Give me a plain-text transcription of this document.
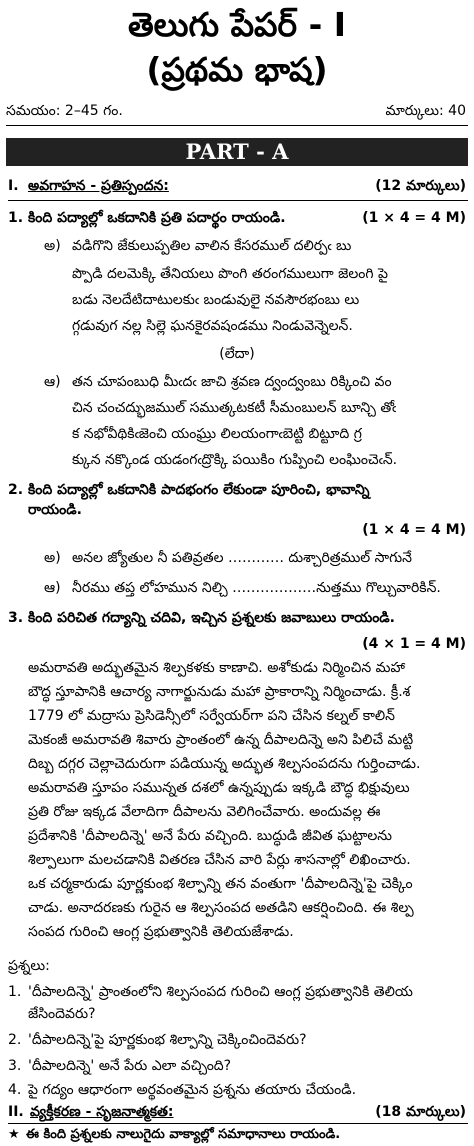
తెలుగు పేపర్ - I
(ప్రథమ భాష)
సమయం: 2–45 గం.	మార్కులు: 40
PART - A
I. అవగాహన - ప్రతిస్పందన:	(12 మార్కులు)
1. కింది పద్యాల్లో ఒకదానికి ప్రతి పదార్థం రాయండి.	(1 × 4 = 4 M)
అ) వడిగొని జేకులుప్పతిల వాలిన కేసరముల్ దలిర్పఁ బు
ప్పొడి దలమెక్కి తేనియలు పొంగి తరంగములుగా జెలంగి పై
బడు నెలదేటిదాటులకుఁ బండువులై నవసౌరభంబు లు
గ్గడువుగ నల్ల సిల్లె ఘనకైరవషండము నిండువెన్నెలన్.
(లేదా)
ఆ) తన చూపంబుధి మీఁదఁ జాచి శ్రవణ ద్వంద్వంబు రిక్కించి వం
చిన చంచద్భుజముల్ సముత్కటకటీ సీమంబులన్ బూన్చి తోఁ
క నభోవీథికిఁజెంచి యంఘ్రు లిలయంగాఁబెట్టి బిట్టూది గ్ర
క్కున నక్కొండ యడంగఁద్రొక్కి పయికిం గుప్పించి లంఘించెఁన్.
2. కింది పద్యాల్లో ఒకదానికి పాదభంగం లేకుండా పూరించి, భావాన్ని
రాయండి.
(1 × 4 = 4 M)
అ) అనల జ్యోతుల నీ పతివ్రతల ………… దుశ్చారిత్రముల్ సాగునే
ఆ) నీరము తప్త లోహమున నిల్చి ………………నుత్తము గొల్చువారికిన్.
3. కింది పరిచిత గద్యాన్ని చదివి, ఇచ్చిన ప్రశ్నలకు జవాబులు రాయండి.
(4 × 1 = 4 M)
అమరావతి అద్భుతమైన శిల్పకళకు కాణాచి. అశోకుడు నిర్మించిన మహా
బౌద్ధ స్తూపానికి ఆచార్య నాగార్జునుడు మహా ప్రాకారాన్ని నిర్మించాడు. క్రీ.శ
1779 లో మద్రాసు ప్రెసిడెన్సీలో సర్వేయర్‌గా పని చేసిన కల్నల్ కాలిన్
మెకంజీ అమరావతి శివారు ప్రాంతంలో ఉన్న దీపాలదిన్నె అని పిలిచే మట్టి
దిబ్బ దగ్గర చెల్లాచెదురుగా పడియున్న అద్భుత శిల్పసంపదను గుర్తించాడు.
అమరావతి స్తూపం సమున్నత దశలో ఉన్నప్పుడు ఇక్కడి బౌద్ధ భిక్షువులు
ప్రతి రోజు ఇక్కడ వేలాదిగా దీపాలను వెలిగించేవారు. అందువల్ల ఈ
ప్రదేశానికి 'దీపాలదిన్నె' అనే పేరు వచ్చింది. బుద్ధుడి జీవిత ఘట్టాలను
శిల్పాలుగా మలచడానికి వితరణ చేసిన వారి పేర్లు శాసనాల్లో లిఖించారు.
ఒక చర్మకారుడు పూర్ణకుంభ శిల్పాన్ని తన వంతుగా 'దీపాలదిన్నె'పై చెక్కిం
చాడు. అనాదరణకు గురైన ఆ శిల్పసంపద అతడిని ఆకర్షించింది. ఈ శిల్ప
సంపద గురించి ఆంగ్ల ప్రభుత్వానికి తెలియజేశాడు.
ప్రశ్నలు:
1. 'దీపాలదిన్నె' ప్రాంతంలోని శిల్పసంపద గురించి ఆంగ్ల ప్రభుత్వానికి తెలియ
జేసిందెవరు?
2. 'దీపాలదిన్నె'పై పూర్ణకుంభ శిల్పాన్ని చెక్కించిందెవరు?
3. 'దీపాలదిన్నె' అనే పేరు ఎలా వచ్చింది?
4. పై గద్యం ఆధారంగా అర్థవంతమైన ప్రశ్నను తయారు చేయండి.
II. వ్యక్తీకరణ - సృజనాత్మకత:	(18 మార్కులు)
★ ఈ కింది ప్రశ్నలకు నాలుగైదు వాక్యాల్లో సమాధానాలు రాయండి.	(4 × 2 = 8 M)
4.	భీమసేనుని వ్యాసుని వ్యక్తిత్వాన్ని వర్ణించిన శ్రీనాథుని గురించి వివరించండి.
